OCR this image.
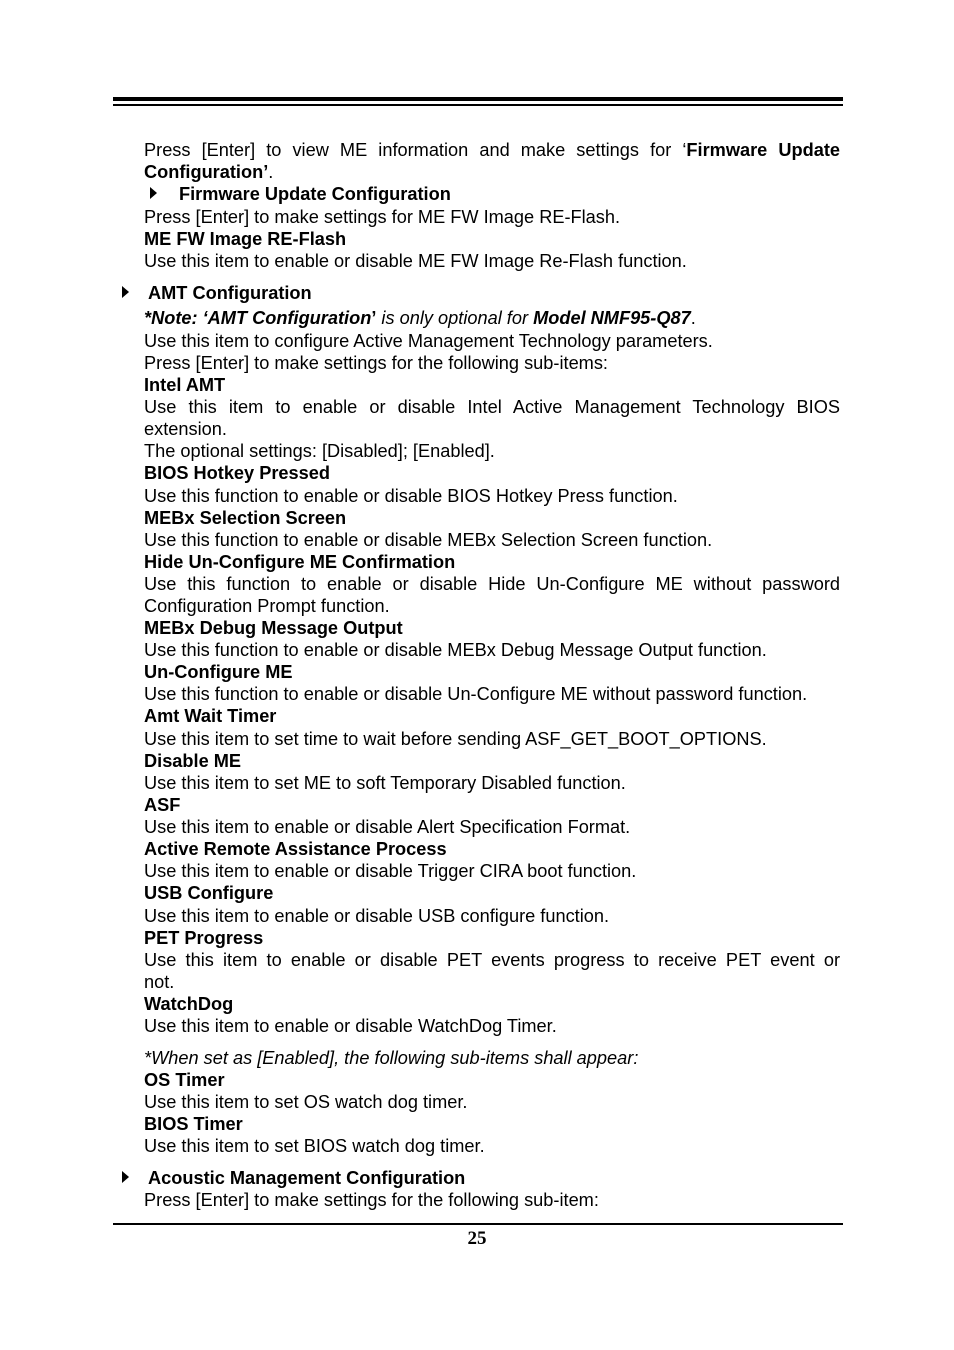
Press [Enter] to view ME information and make settings for ‘Firmware Update

Configuration’.

Firmware Update Configuration

Press [Enter] to make settings for ME FW Image RE-Flash.

ME FW Image RE-Flash

Use this item to enable or disable ME FW Image Re-Flash function.

AMT Configuration

*Note: ‘AMT Configuration’ is only optional for Model NMF95-Q87.

Use this item to configure Active Management Technology parameters.

Press [Enter] to make settings for the following sub-items:

Intel AMT

Use this item to enable or disable Intel Active Management Technology BIOS

extension.

The optional settings: [Disabled]; [Enabled].

BIOS Hotkey Pressed

Use this function to enable or disable BIOS Hotkey Press function.

MEBx Selection Screen

Use this function to enable or disable MEBx Selection Screen function.

Hide Un-Configure ME Confirmation

Use this function to enable or disable Hide Un-Configure ME without password

Configuration Prompt function.

MEBx Debug Message Output

Use this function to enable or disable MEBx Debug Message Output function.

Un-Configure ME

Use this function to enable or disable Un-Configure ME without password function.

Amt Wait Timer

Use this item to set time to wait before sending ASF_GET_BOOT_OPTIONS.

Disable ME

Use this item to set ME to soft Temporary Disabled function.

ASF

Use this item to enable or disable Alert Specification Format.

Active Remote Assistance Process

Use this item to enable or disable Trigger CIRA boot function.

USB Configure

Use this item to enable or disable USB configure function.

PET Progress

Use this item to enable or disable PET events progress to receive PET event or

not.

WatchDog

Use this item to enable or disable WatchDog Timer.

*When set as [Enabled], the following sub-items shall appear:

OS Timer

Use this item to set OS watch dog timer.

BIOS Timer

Use this item to set BIOS watch dog timer.

Acoustic Management Configuration

Press [Enter] to make settings for the following sub-item:

25
